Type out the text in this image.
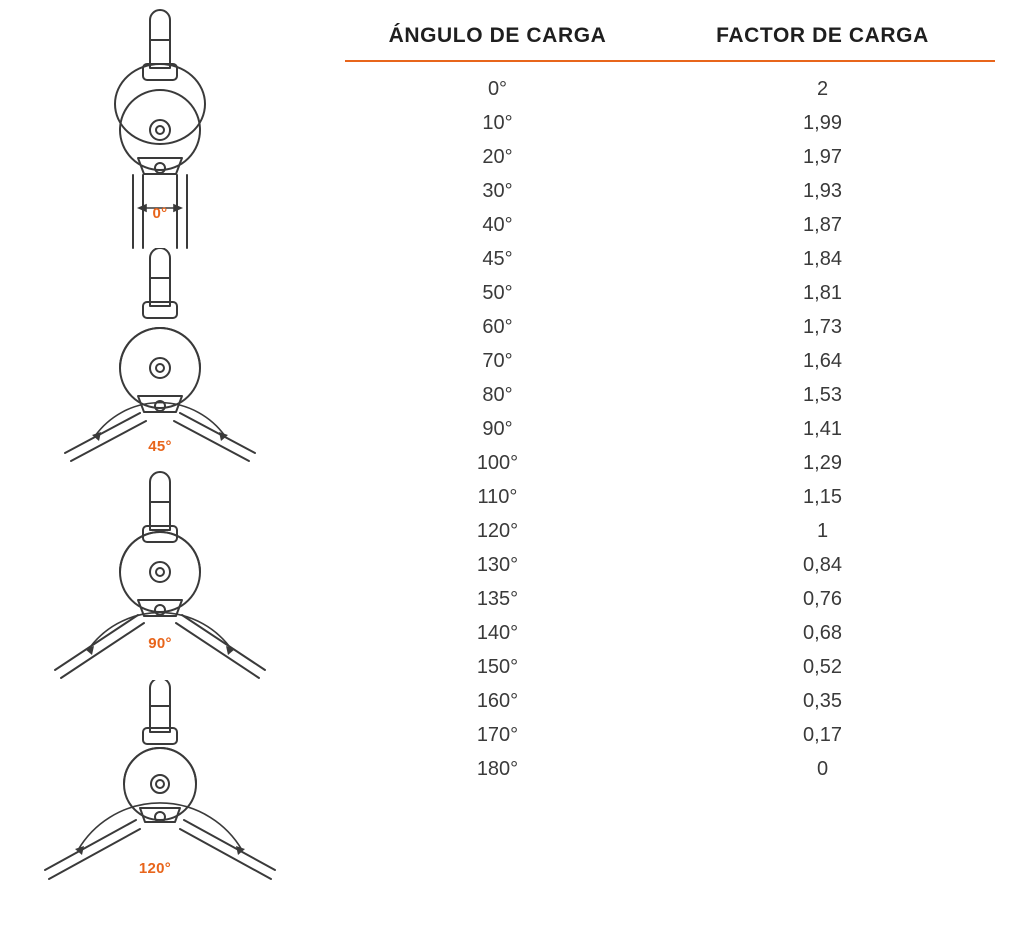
0°
45°
90°
120°
ÁNGULO DE CARGA	FACTOR DE CARGA
0°	2
10°	1,99
20°	1,97
30°	1,93
40°	1,87
45°	1,84
50°	1,81
60°	1,73
70°	1,64
80°	1,53
90°	1,41
100°	1,29
110°	1,15
120°	1
130°	0,84
135°	0,76
140°	0,68
150°	0,52
160°	0,35
170°	0,17
180°	0
